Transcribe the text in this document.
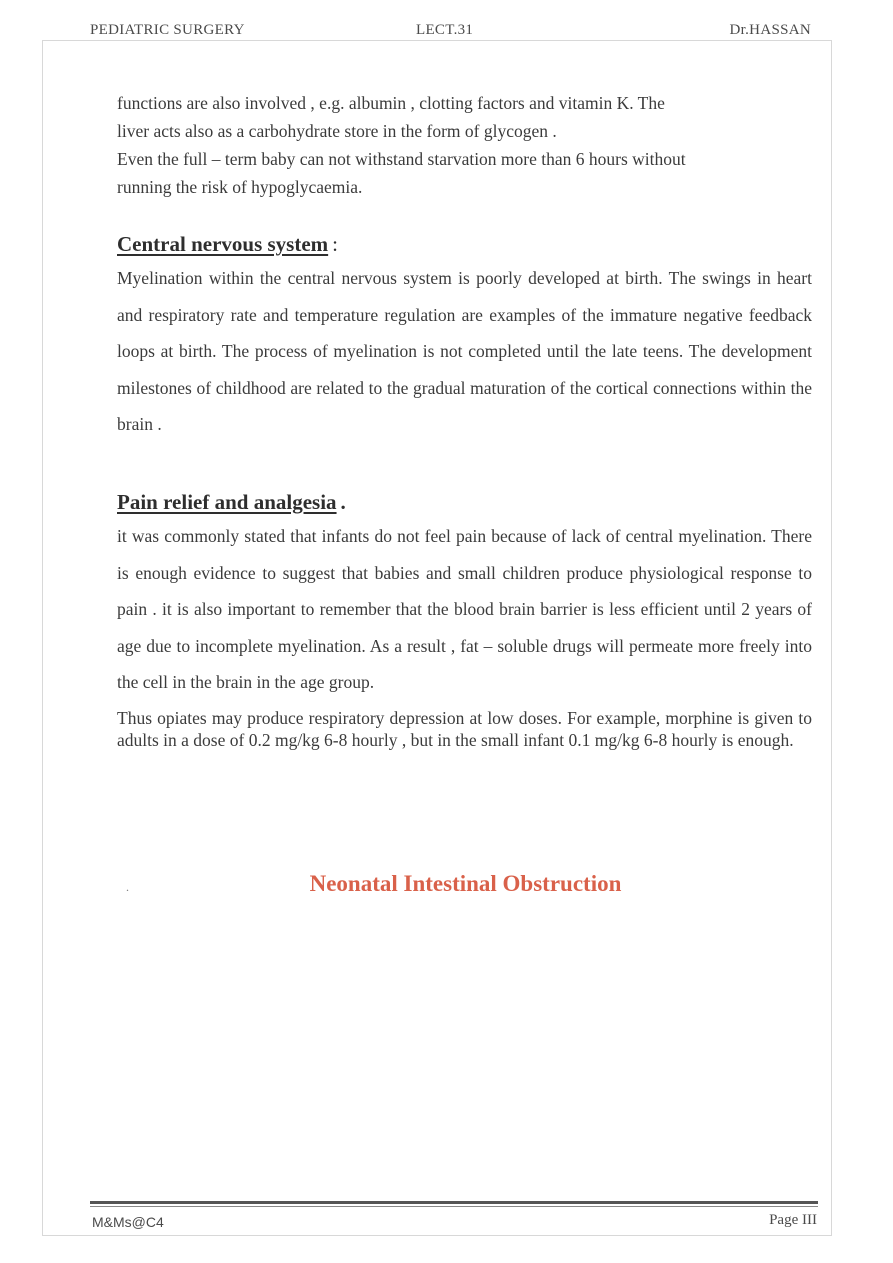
PEDIATRIC SURGERY	LECT.31	Dr.HASSAN

functions are also involved , e.g. albumin , clotting factors and vitamin K. The

liver acts also as a carbohydrate store in the form of glycogen .

Even the full – term baby can not withstand starvation more than 6 hours without

running the risk of hypoglycaemia.

Central nervous system :

Myelination within the central nervous system is poorly developed at birth. The swings in heart and respiratory rate and temperature regulation are examples of the immature negative feedback loops at birth. The process of myelination is not completed until the late teens. The development milestones of childhood are related to the gradual maturation of the cortical connections within the brain .

Pain relief and analgesia .

it was commonly stated that infants do not feel pain because of lack of central myelination. There is enough evidence to suggest that babies and small children produce physiological response to pain . it is also important to remember that the blood brain barrier is less efficient until 2 years of age due to incomplete myelination. As a result , fat – soluble drugs will permeate more freely into the cell in the brain in the age group.

Thus opiates may produce respiratory depression at low doses. For example, morphine is given to adults in a dose of 0.2 mg/kg 6-8 hourly , but in the small infant 0.1 mg/kg 6-8 hourly is enough.

.	Neonatal Intestinal Obstruction
M&Ms@C4	Page III
